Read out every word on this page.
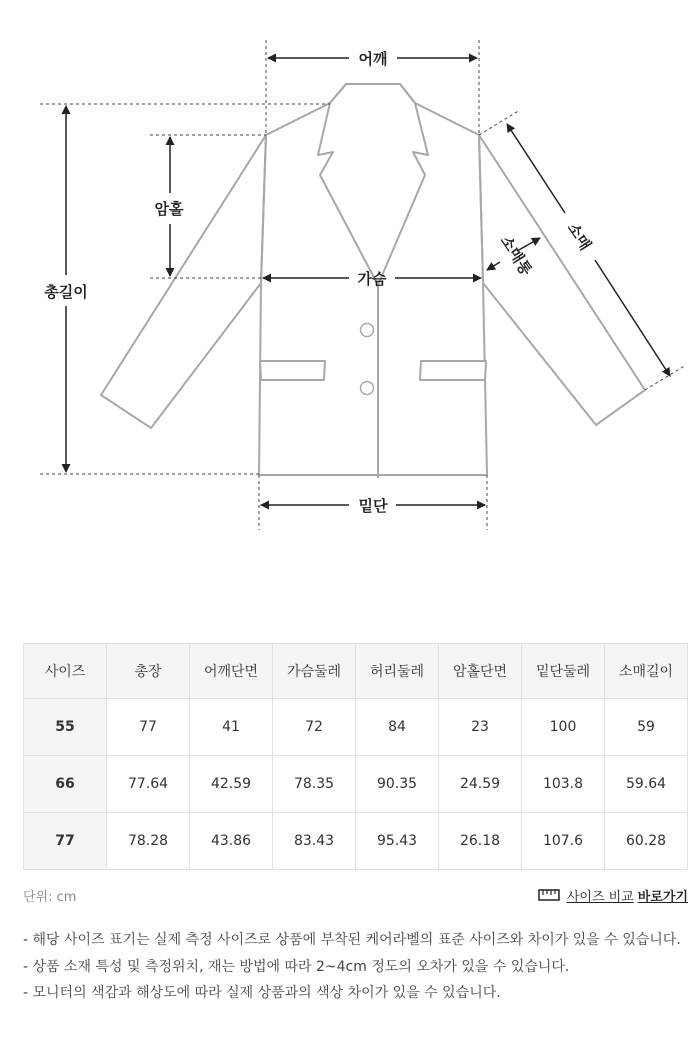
어깨
암홀
총길이
가슴
밑단
소매
소매통
사이즈	총장	어깨단면	가슴둘레	허리둘레	암홀단면	밑단둘레	소매길이
55	77	41	72	84	23	100	59
66	77.64	42.59	78.35	90.35	24.59	103.8	59.64
77	78.28	43.86	83.43	95.43	26.18	107.6	60.28
단위: cm	사이즈 비교 바로가기
- 해당 사이즈 표기는 실제 측정 사이즈로 상품에 부착된 케어라벨의 표준 사이즈와 차이가 있을 수 있습니다.
- 상품 소재 특성 및 측정위치, 재는 방법에 따라 2~4cm 정도의 오차가 있을 수 있습니다.
- 모니터의 색감과 해상도에 따라 실제 상품과의 색상 차이가 있을 수 있습니다.
